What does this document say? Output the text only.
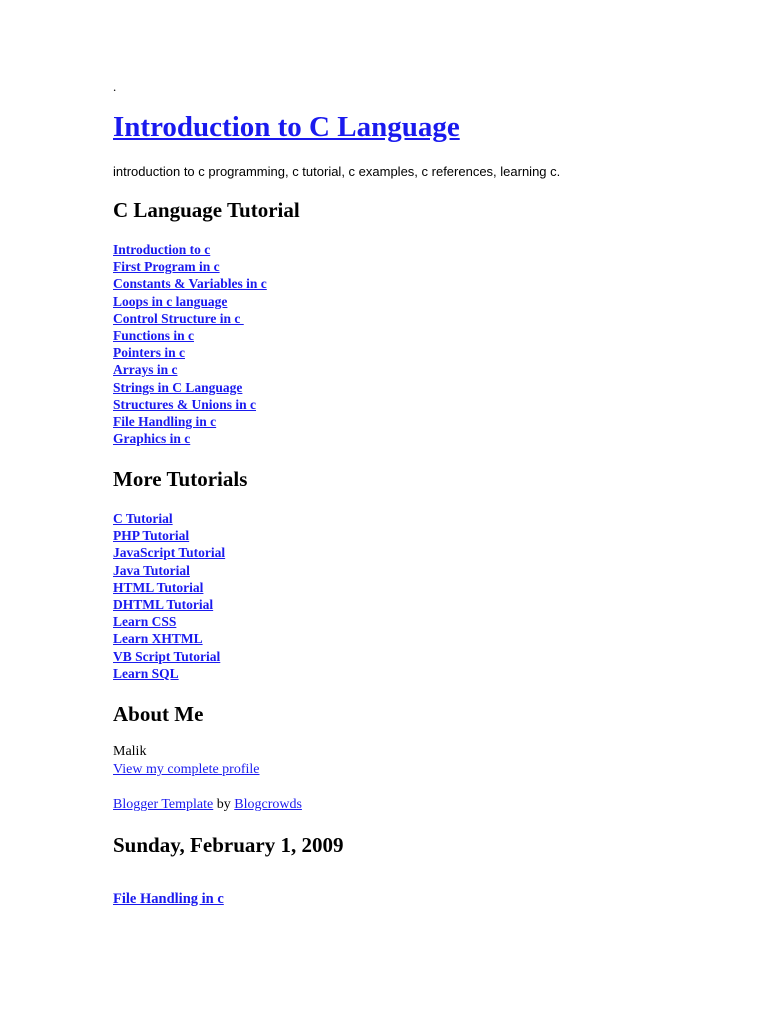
.
Introduction to C Language

introduction to c programming, c tutorial, c examples, c references, learning c.

C Language Tutorial
Introduction to c
First Program in c
Constants & Variables in c
Loops in c language
Control Structure in c
Functions in c
Pointers in c
Arrays in c
Strings in C Language
Structures & Unions in c
File Handling in c
Graphics in c
More Tutorials
C Tutorial
PHP Tutorial
JavaScript Tutorial
Java Tutorial
HTML Tutorial
DHTML Tutorial
Learn CSS
Learn XHTML
VB Script Tutorial
Learn SQL
About Me
Malik
View my complete profile
Blogger Template by Blogcrowds
Sunday, February 1, 2009
File Handling in c
